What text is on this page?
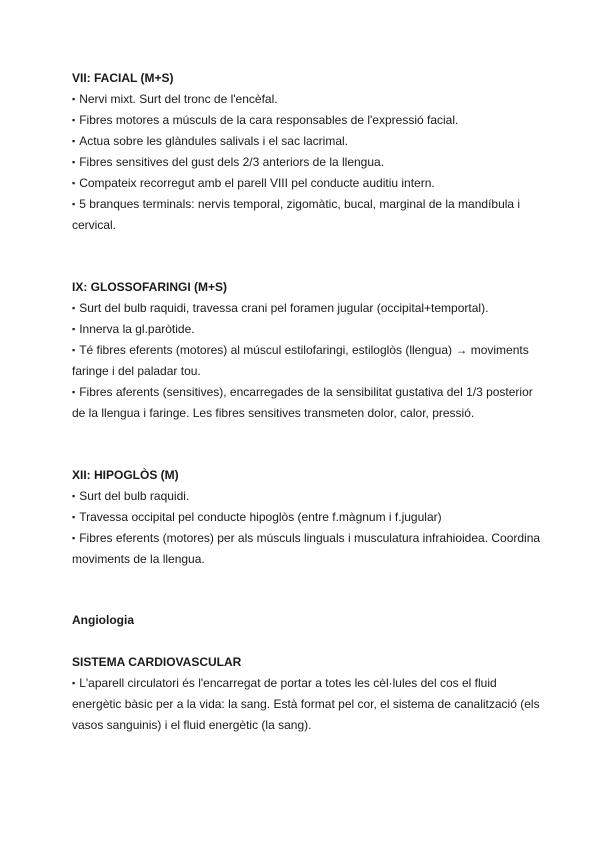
VII: FACIAL (M+S)

▪ Nervi mixt. Surt del tronc de l'encèfal.

▪ Fibres motores a músculs de la cara responsables de l'expressió facial.

▪ Actua sobre les glàndules salivals i el sac lacrimal.

▪ Fibres sensitives del gust dels 2/3 anteriors de la llengua.

▪ Compateix recorregut amb el parell VIII pel conducte auditiu intern.

▪ 5 branques terminals: nervis temporal, zigomàtic, bucal, marginal de la mandíbula i cervical.

IX: GLOSSOFARINGI (M+S)

▪ Surt del bulb raquidi, travessa crani pel foramen jugular (occipital+temportal).

▪ Innerva la gl.paròtide.

▪ Té fibres eferents (motores) al múscul estilofaringi, estiloglòs (llengua) → moviments faringe i del paladar tou.

▪ Fibres aferents (sensitives), encarregades de la sensibilitat gustativa del 1/3 posterior de la llengua i faringe. Les fibres sensitives transmeten dolor, calor, pressió.

XII: HIPOGLÒS (M)

▪ Surt del bulb raquidi.

▪ Travessa occipital pel conducte hipoglòs (entre f.màgnum i f.jugular)

▪ Fibres eferents (motores) per als músculs linguals i musculatura infrahioidea. Coordina moviments de la llengua.

Angiologia

SISTEMA CARDIOVASCULAR

▪ L'aparell circulatori és l'encarregat de portar a totes les cèl·lules del cos el fluid energètic bàsic per a la vida: la sang. Està format pel cor, el sistema de canalització (els vasos sanguinis) i el fluid energètic (la sang).
